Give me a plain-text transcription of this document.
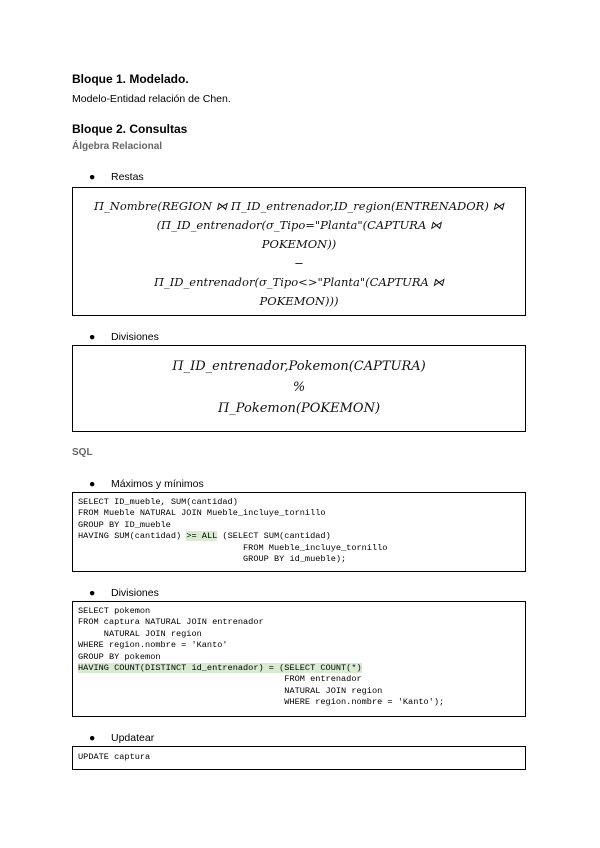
Bloque 1. Modelado.
Modelo-Entidad relación de Chen.
Bloque 2. Consultas
Álgebra Relacional
● Restas
Π_Nombre(REGION ⋈ Π_ID_entrenador,ID_region(ENTRENADOR) ⋈
(Π_ID_entrenador(σ_Tipo="Planta"(CAPTURA ⋈
POKEMON))
−
Π_ID_entrenador(σ_Tipo<>"Planta"(CAPTURA ⋈
POKEMON)))
● Divisiones
Π_ID_entrenador,Pokemon(CAPTURA)
%
Π_Pokemon(POKEMON)
SQL
● Máximos y mínimos
SELECT ID_mueble, SUM(cantidad)
FROM Mueble NATURAL JOIN Mueble_incluye_tornillo
GROUP BY ID_mueble
HAVING SUM(cantidad) >= ALL (SELECT SUM(cantidad)
FROM Mueble_incluye_tornillo
GROUP BY id_mueble);
● Divisiones
SELECT pokemon
FROM captura NATURAL JOIN entrenador
NATURAL JOIN region
WHERE region.nombre = 'Kanto'
GROUP BY pokemon
HAVING COUNT(DISTINCT id_entrenador) = (SELECT COUNT(*)
FROM entrenador
NATURAL JOIN region
WHERE region.nombre = 'Kanto');
● Updatear
UPDATE captura
